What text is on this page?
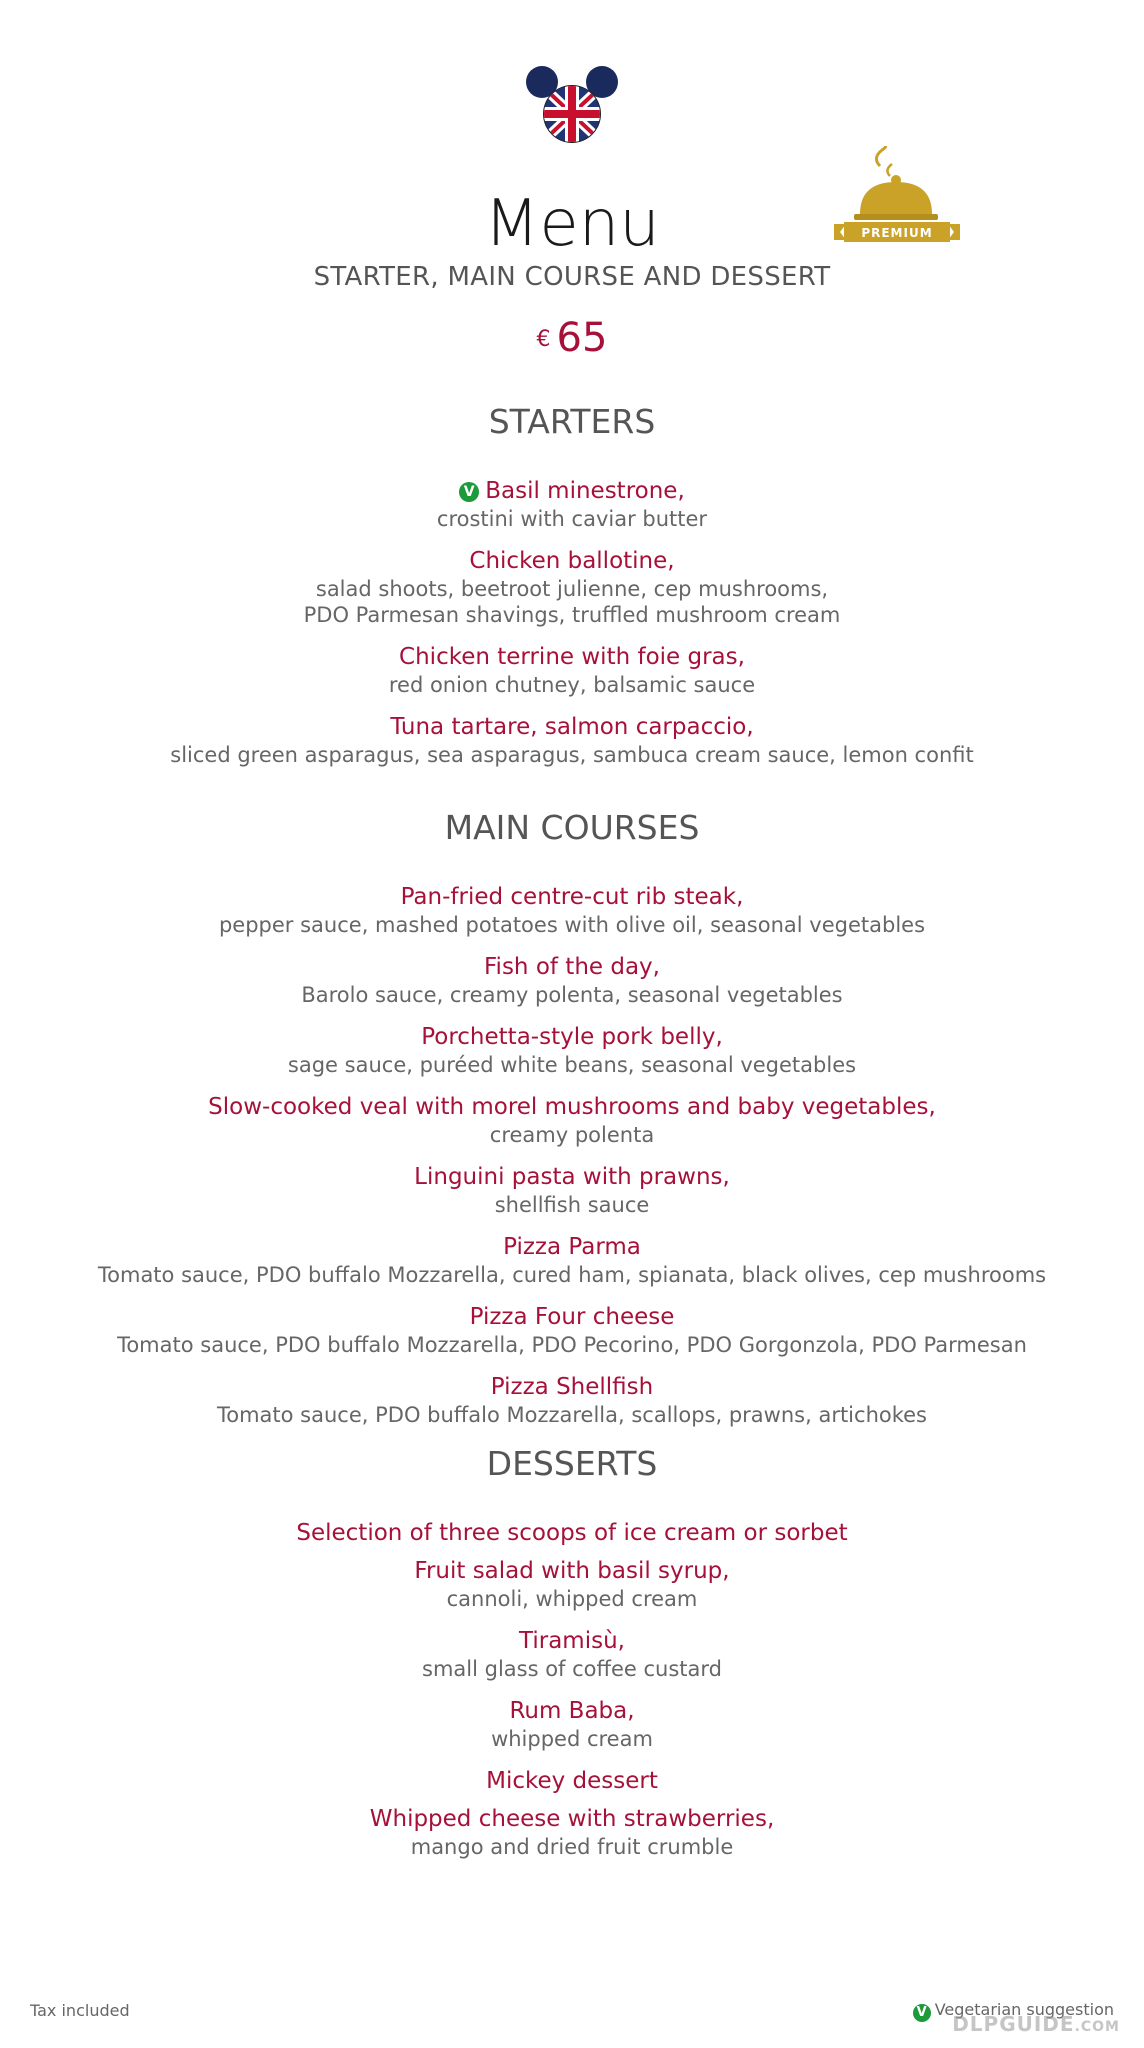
PREMIUM
Menu
STARTER, MAIN COURSE AND DESSERT
€ 65
STARTERS
V Basil minestrone,
crostini with caviar butter
Chicken ballotine,
salad shoots, beetroot julienne, cep mushrooms,
PDO Parmesan shavings, truffled mushroom cream
Chicken terrine with foie gras,
red onion chutney, balsamic sauce
Tuna tartare, salmon carpaccio,
sliced green asparagus, sea asparagus, sambuca cream sauce, lemon confit
MAIN COURSES
Pan-fried centre-cut rib steak,
pepper sauce, mashed potatoes with olive oil, seasonal vegetables
Fish of the day,
Barolo sauce, creamy polenta, seasonal vegetables
Porchetta-style pork belly,
sage sauce, puréed white beans, seasonal vegetables
Slow-cooked veal with morel mushrooms and baby vegetables,
creamy polenta
Linguini pasta with prawns,
shellfish sauce
Pizza Parma
Tomato sauce, PDO buffalo Mozzarella, cured ham, spianata, black olives, cep mushrooms
Pizza Four cheese
Tomato sauce, PDO buffalo Mozzarella, PDO Pecorino, PDO Gorgonzola, PDO Parmesan
Pizza Shellfish
Tomato sauce, PDO buffalo Mozzarella, scallops, prawns, artichokes
DESSERTS
Selection of three scoops of ice cream or sorbet
Fruit salad with basil syrup,
cannoli, whipped cream
Tiramisù,
small glass of coffee custard
Rum Baba,
whipped cream
Mickey dessert
Whipped cheese with strawberries,
mango and dried fruit crumble
Tax included	V Vegetarian suggestion
DLPGUIDE.COM
